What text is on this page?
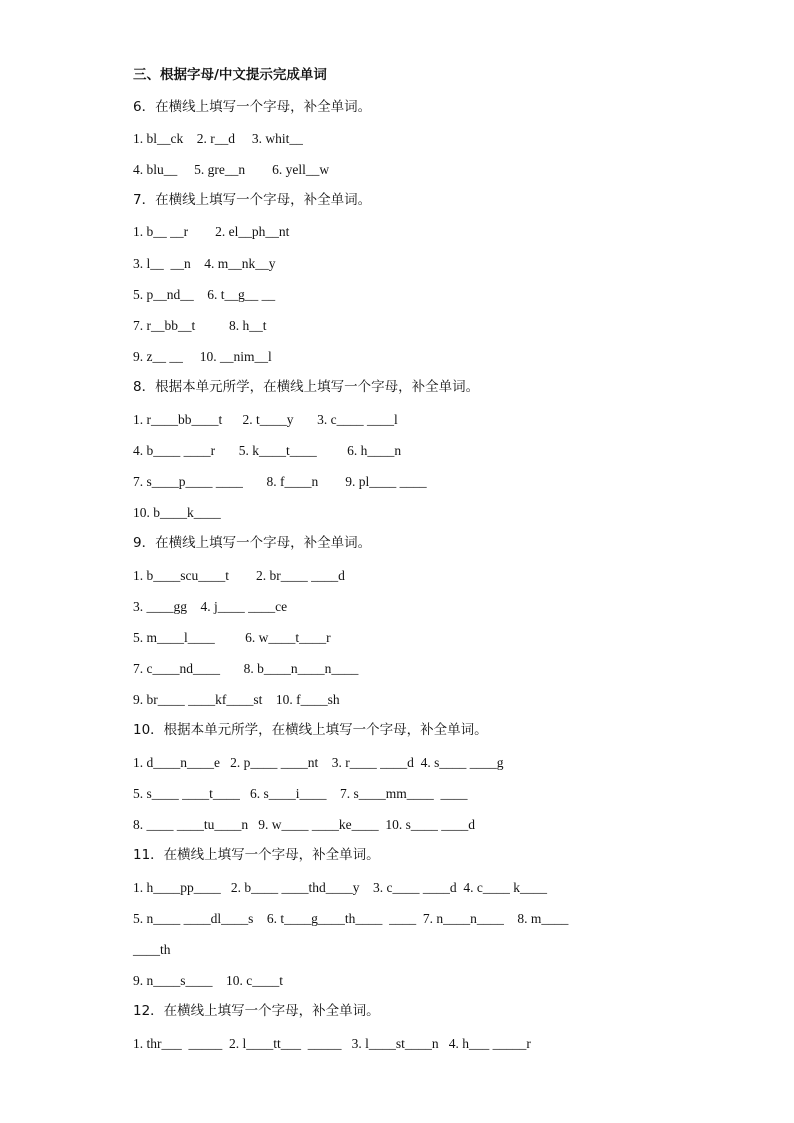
三、根据字母/中文提示完成单词
6．在横线上填写一个字母，补全单词。
1. bl__ck    2. r__d     3. whit__
4. blu__     5. gre__n        6. yell__w
7．在横线上填写一个字母，补全单词。
1. b__ __r        2. el__ph__nt
3. l__  __n    4. m__nk__y
5. p__nd__    6. t__g__ __
7. r__bb__t          8. h__t
9. z__ __     10. __nim__l
8．根据本单元所学，在横线上填写一个字母，补全单词。
1. r____bb____t      2. t____y       3. c____ ____l
4. b____ ____r       5. k____t____         6. h____n
7. s____p____ ____       8. f____n        9. pl____ ____
10. b____k____
9．在横线上填写一个字母，补全单词。
1. b____scu____t        2. br____ ____d
3. ____gg    4. j____ ____ce
5. m____l____         6. w____t____r
7. c____nd____       8. b____n____n____
9. br____ ____kf____st    10. f____sh
10．根据本单元所学，在横线上填写一个字母，补全单词。
1. d____n____e   2. p____ ____nt    3. r____ ____d  4. s____ ____g
5. s____ ____t____   6. s____i____    7. s____mm____  ____
8. ____ ____tu____n   9. w____ ____ke____  10. s____ ____d
11．在横线上填写一个字母，补全单词。
1. h____pp____   2. b____ ____thd____y    3. c____ ____d  4. c____ k____
5. n____ ____dl____s    6. t____g____th____  ____  7. n____n____    8. m____
____th
9. n____s____    10. c____t
12．在横线上填写一个字母，补全单词。
1. thr___  _____  2. l____tt___  _____   3. l____st____n   4. h___ _____r
